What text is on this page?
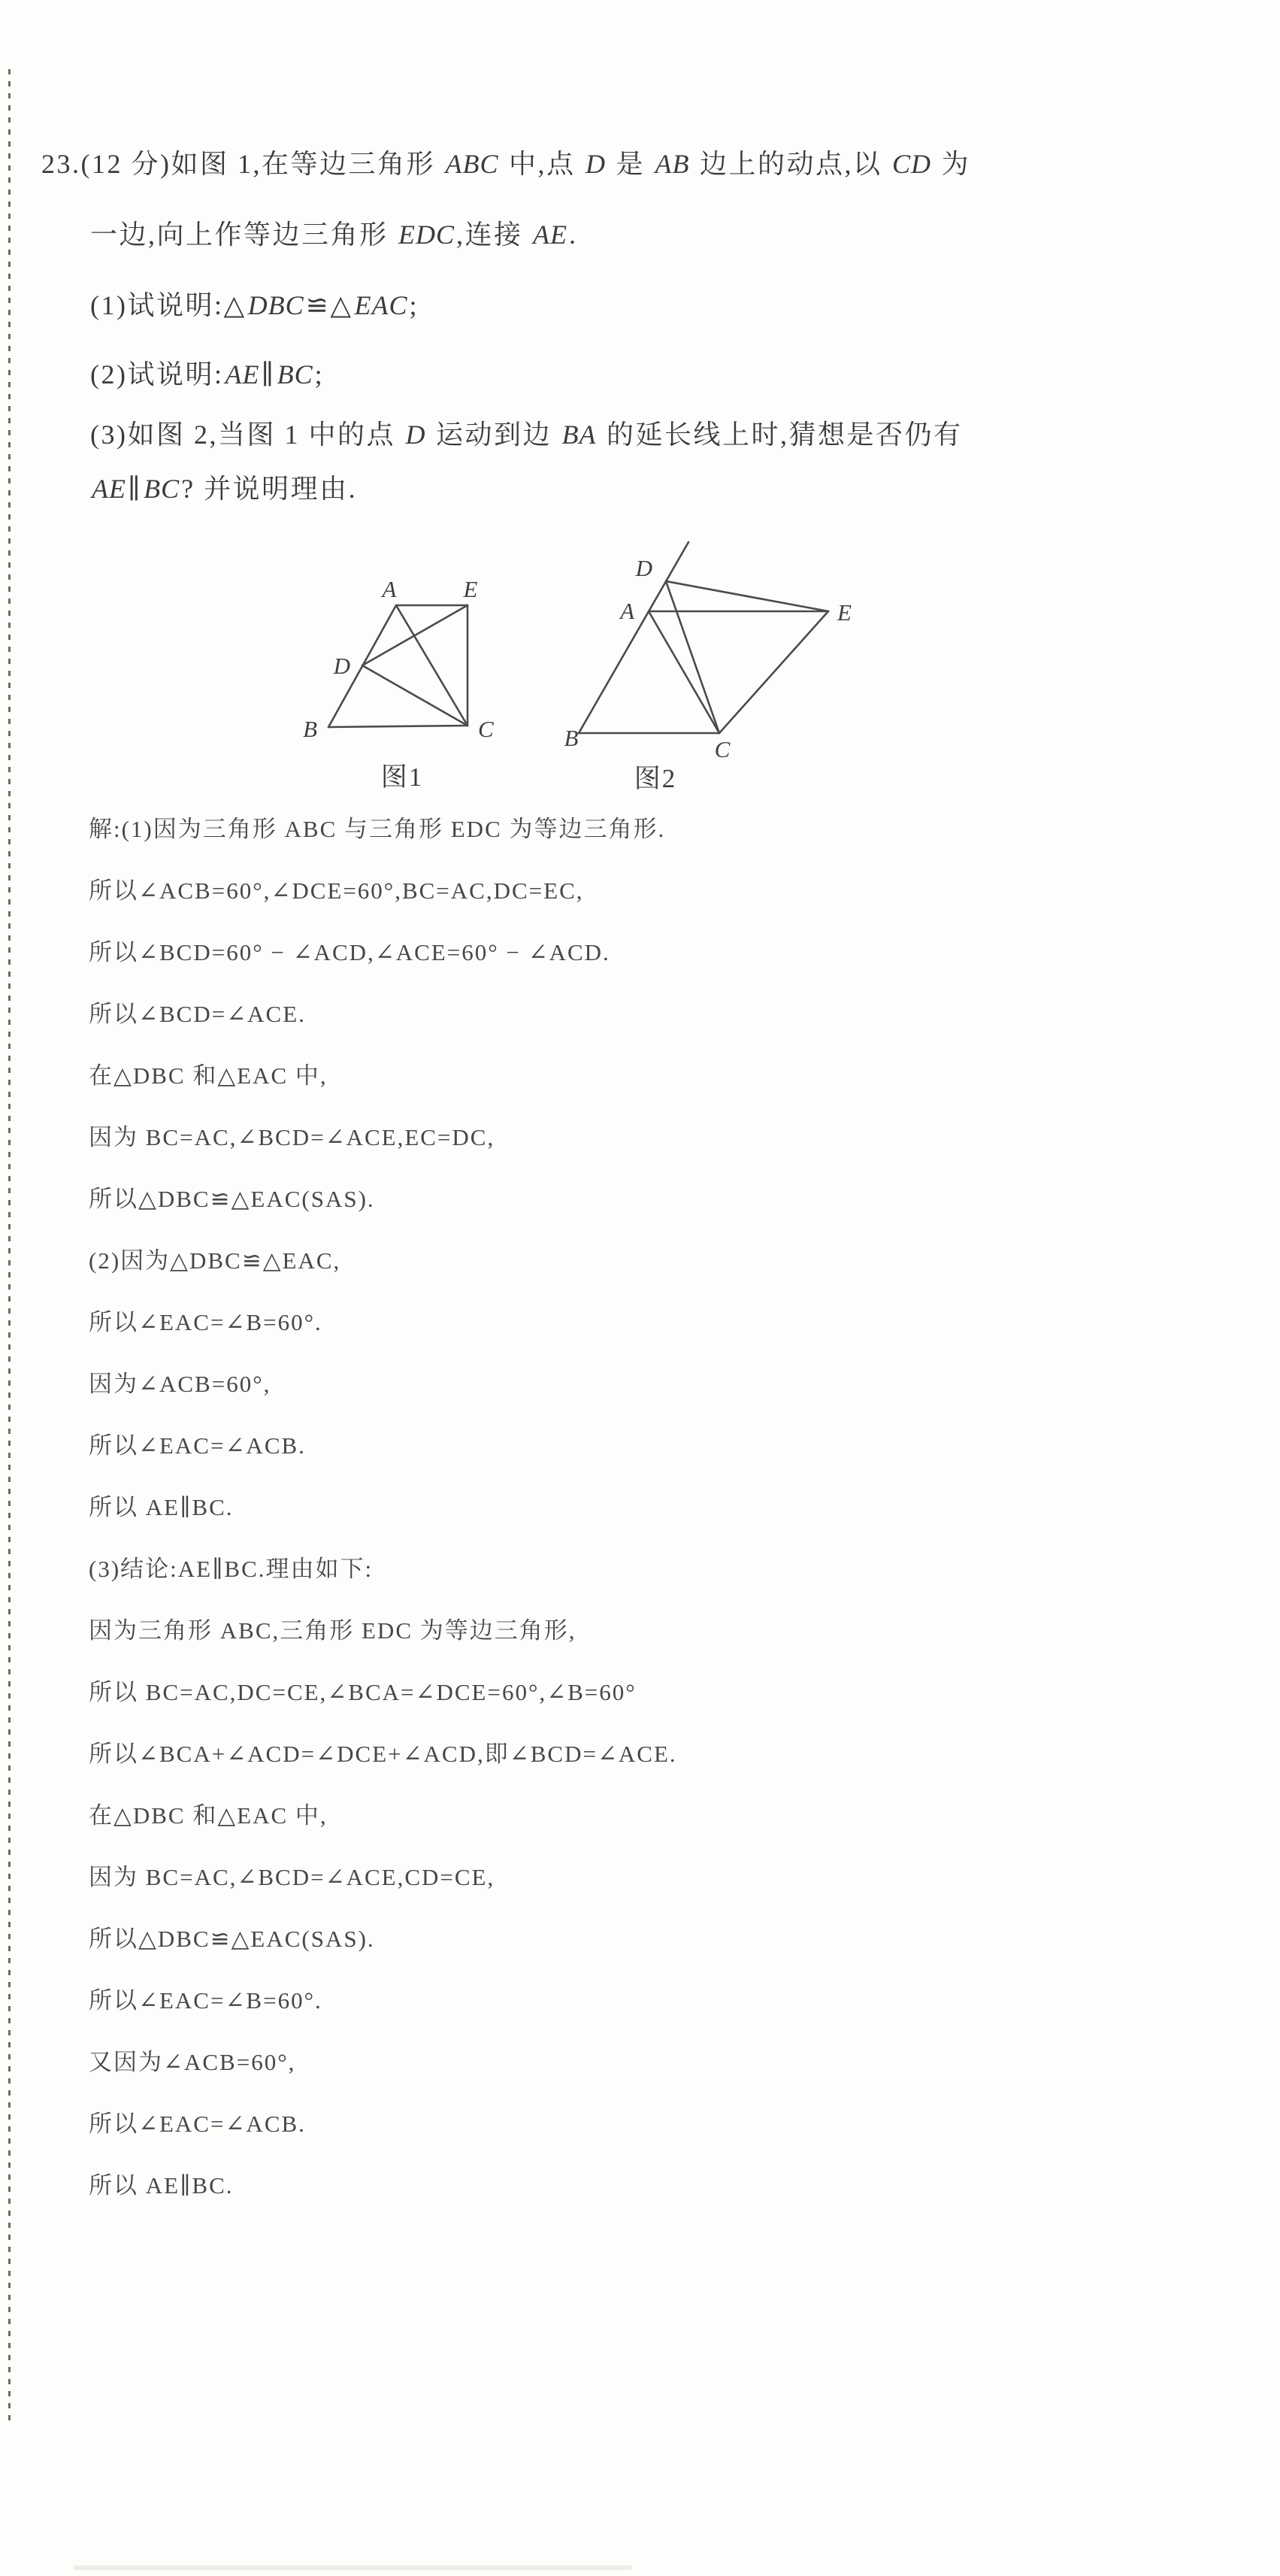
23.(12 分)如图 1,在等边三角形 ABC 中,点 D 是 AB 边上的动点,以 CD 为
一边,向上作等边三角形 EDC,连接 AE.
(1)试说明:△DBC≌△EAC;
(2)试说明:AE∥BC;
(3)如图 2,当图 1 中的点 D 运动到边 BA 的延长线上时,猜想是否仍有
AE∥BC? 并说明理由.
A	E
D
B	C
图1
D
A	E
B	C
图2
解:(1)因为三角形 ABC 与三角形 EDC 为等边三角形.
所以∠ACB=60°,∠DCE=60°,BC=AC,DC=EC,
所以∠BCD=60° − ∠ACD,∠ACE=60° − ∠ACD.
所以∠BCD=∠ACE.
在△DBC 和△EAC 中,
因为 BC=AC,∠BCD=∠ACE,EC=DC,
所以△DBC≌△EAC(SAS).
(2)因为△DBC≌△EAC,
所以∠EAC=∠B=60°.
因为∠ACB=60°,
所以∠EAC=∠ACB.
所以 AE∥BC.
(3)结论:AE∥BC.理由如下:
因为三角形 ABC,三角形 EDC 为等边三角形,
所以 BC=AC,DC=CE,∠BCA=∠DCE=60°,∠B=60°
所以∠BCA+∠ACD=∠DCE+∠ACD,即∠BCD=∠ACE.
在△DBC 和△EAC 中,
因为 BC=AC,∠BCD=∠ACE,CD=CE,
所以△DBC≌△EAC(SAS).
所以∠EAC=∠B=60°.
又因为∠ACB=60°,
所以∠EAC=∠ACB.
所以 AE∥BC.
